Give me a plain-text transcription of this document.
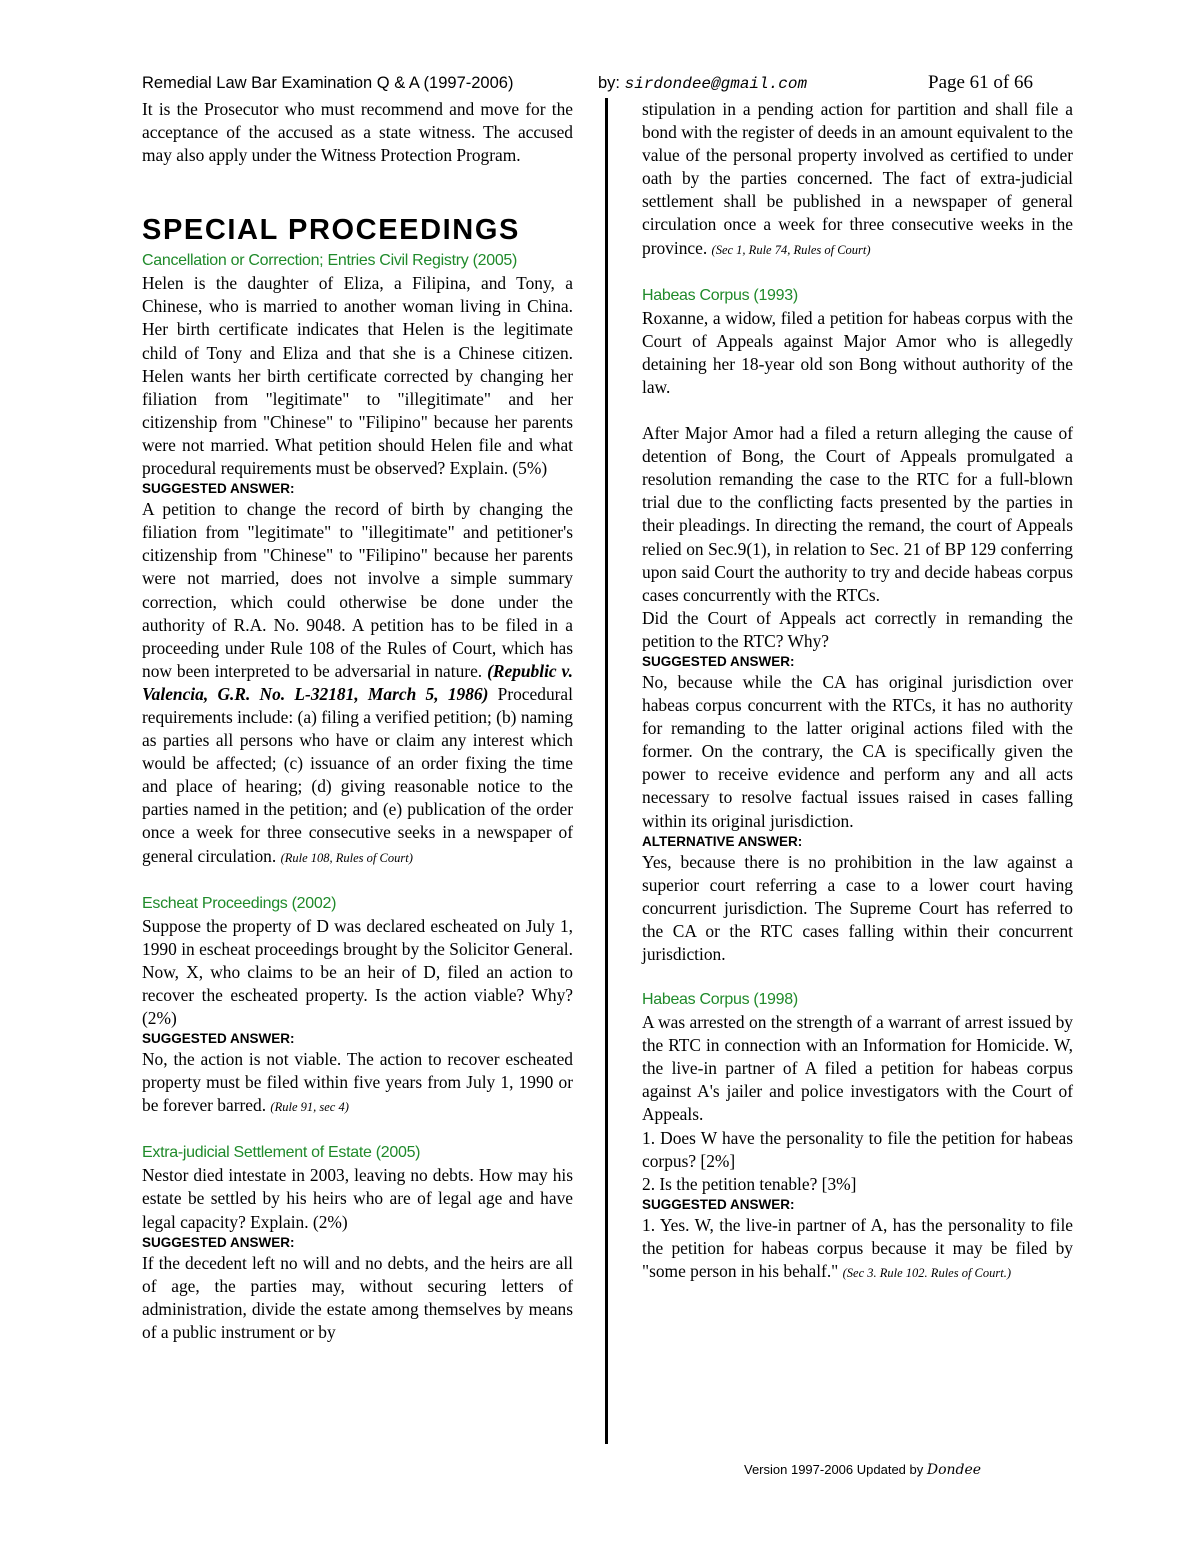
Remedial Law Bar Examination Q & A (1997-2006)	by: sirdondee@gmail.com	Page 61 of 66

It is the Prosecutor who must recommend and move for the acceptance of the accused as a state witness. The accused may also apply under the Witness Protection Program.

SPECIAL PROCEEDINGS

Cancellation or Correction; Entries Civil Registry (2005)

Helen is the daughter of Eliza, a Filipina, and Tony, a Chinese, who is married to another woman living in China. Her birth certificate indicates that Helen is the legitimate child of Tony and Eliza and that she is a Chinese citizen. Helen wants her birth certificate corrected by changing her filiation from "legitimate" to "illegitimate" and her citizenship from "Chinese" to "Filipino" because her parents were not married. What petition should Helen file and what procedural requirements must be observed? Explain. (5%)

SUGGESTED ANSWER:

A petition to change the record of birth by changing the filiation from "legitimate" to "illegitimate" and petitioner's citizenship from "Chinese" to "Filipino" because her parents were not married, does not involve a simple summary correction, which could otherwise be done under the authority of R.A. No. 9048. A petition has to be filed in a proceeding under Rule 108 of the Rules of Court, which has now been interpreted to be adversarial in nature. (Republic v. Valencia, G.R. No. L-32181, March 5, 1986) Procedural requirements include: (a) filing a verified petition; (b) naming as parties all persons who have or claim any interest which would be affected; (c) issuance of an order fixing the time and place of hearing; (d) giving reasonable notice to the parties named in the petition; and (e) publication of the order once a week for three consecutive seeks in a newspaper of general circulation. (Rule 108, Rules of Court)

Escheat Proceedings (2002)

Suppose the property of D was declared escheated on July 1, 1990 in escheat proceedings brought by the Solicitor General. Now, X, who claims to be an heir of D, filed an action to recover the escheated property. Is the action viable? Why? (2%)

SUGGESTED ANSWER:

No, the action is not viable. The action to recover escheated property must be filed within five years from July 1, 1990 or be forever barred. (Rule 91, sec 4)

Extra-judicial Settlement of Estate (2005)

Nestor died intestate in 2003, leaving no debts. How may his estate be settled by his heirs who are of legal age and have legal capacity? Explain. (2%)

SUGGESTED ANSWER:

If the decedent left no will and no debts, and the heirs are all of age, the parties may, without securing letters of administration, divide the estate among themselves by means of a public instrument or by

stipulation in a pending action for partition and shall file a bond with the register of deeds in an amount equivalent to the value of the personal property involved as certified to under oath by the parties concerned. The fact of extra-judicial settlement shall be published in a newspaper of general circulation once a week for three consecutive weeks in the province. (Sec 1, Rule 74, Rules of Court)

Habeas Corpus (1993)

Roxanne, a widow, filed a petition for habeas corpus with the Court of Appeals against Major Amor who is allegedly detaining her 18-year old son Bong without authority of the law.

After Major Amor had a filed a return alleging the cause of detention of Bong, the Court of Appeals promulgated a resolution remanding the case to the RTC for a full-blown trial due to the conflicting facts presented by the parties in their pleadings. In directing the remand, the court of Appeals relied on Sec.9(1), in relation to Sec. 21 of BP 129 conferring upon said Court the authority to try and decide habeas corpus cases concurrently with the RTCs.

Did the Court of Appeals act correctly in remanding the petition to the RTC? Why?

SUGGESTED ANSWER:

No, because while the CA has original jurisdiction over habeas corpus concurrent with the RTCs, it has no authority for remanding to the latter original actions filed with the former. On the contrary, the CA is specifically given the power to receive evidence and perform any and all acts necessary to resolve factual issues raised in cases falling within its original jurisdiction.

ALTERNATIVE ANSWER:

Yes, because there is no prohibition in the law against a superior court referring a case to a lower court having concurrent jurisdiction. The Supreme Court has referred to the CA or the RTC cases falling within their concurrent jurisdiction.

Habeas Corpus (1998)

A was arrested on the strength of a warrant of arrest issued by the RTC in connection with an Information for Homicide. W, the live-in partner of A filed a petition for habeas corpus against A's jailer and police investigators with the Court of Appeals.

1. Does W have the personality to file the petition for habeas corpus? [2%]

2. Is the petition tenable? [3%]

SUGGESTED ANSWER:

1. Yes. W, the live-in partner of A, has the personality to file the petition for habeas corpus because it may be filed by "some person in his behalf." (Sec 3. Rule 102. Rules of Court.)

Version 1997-2006 Updated by Dondee
